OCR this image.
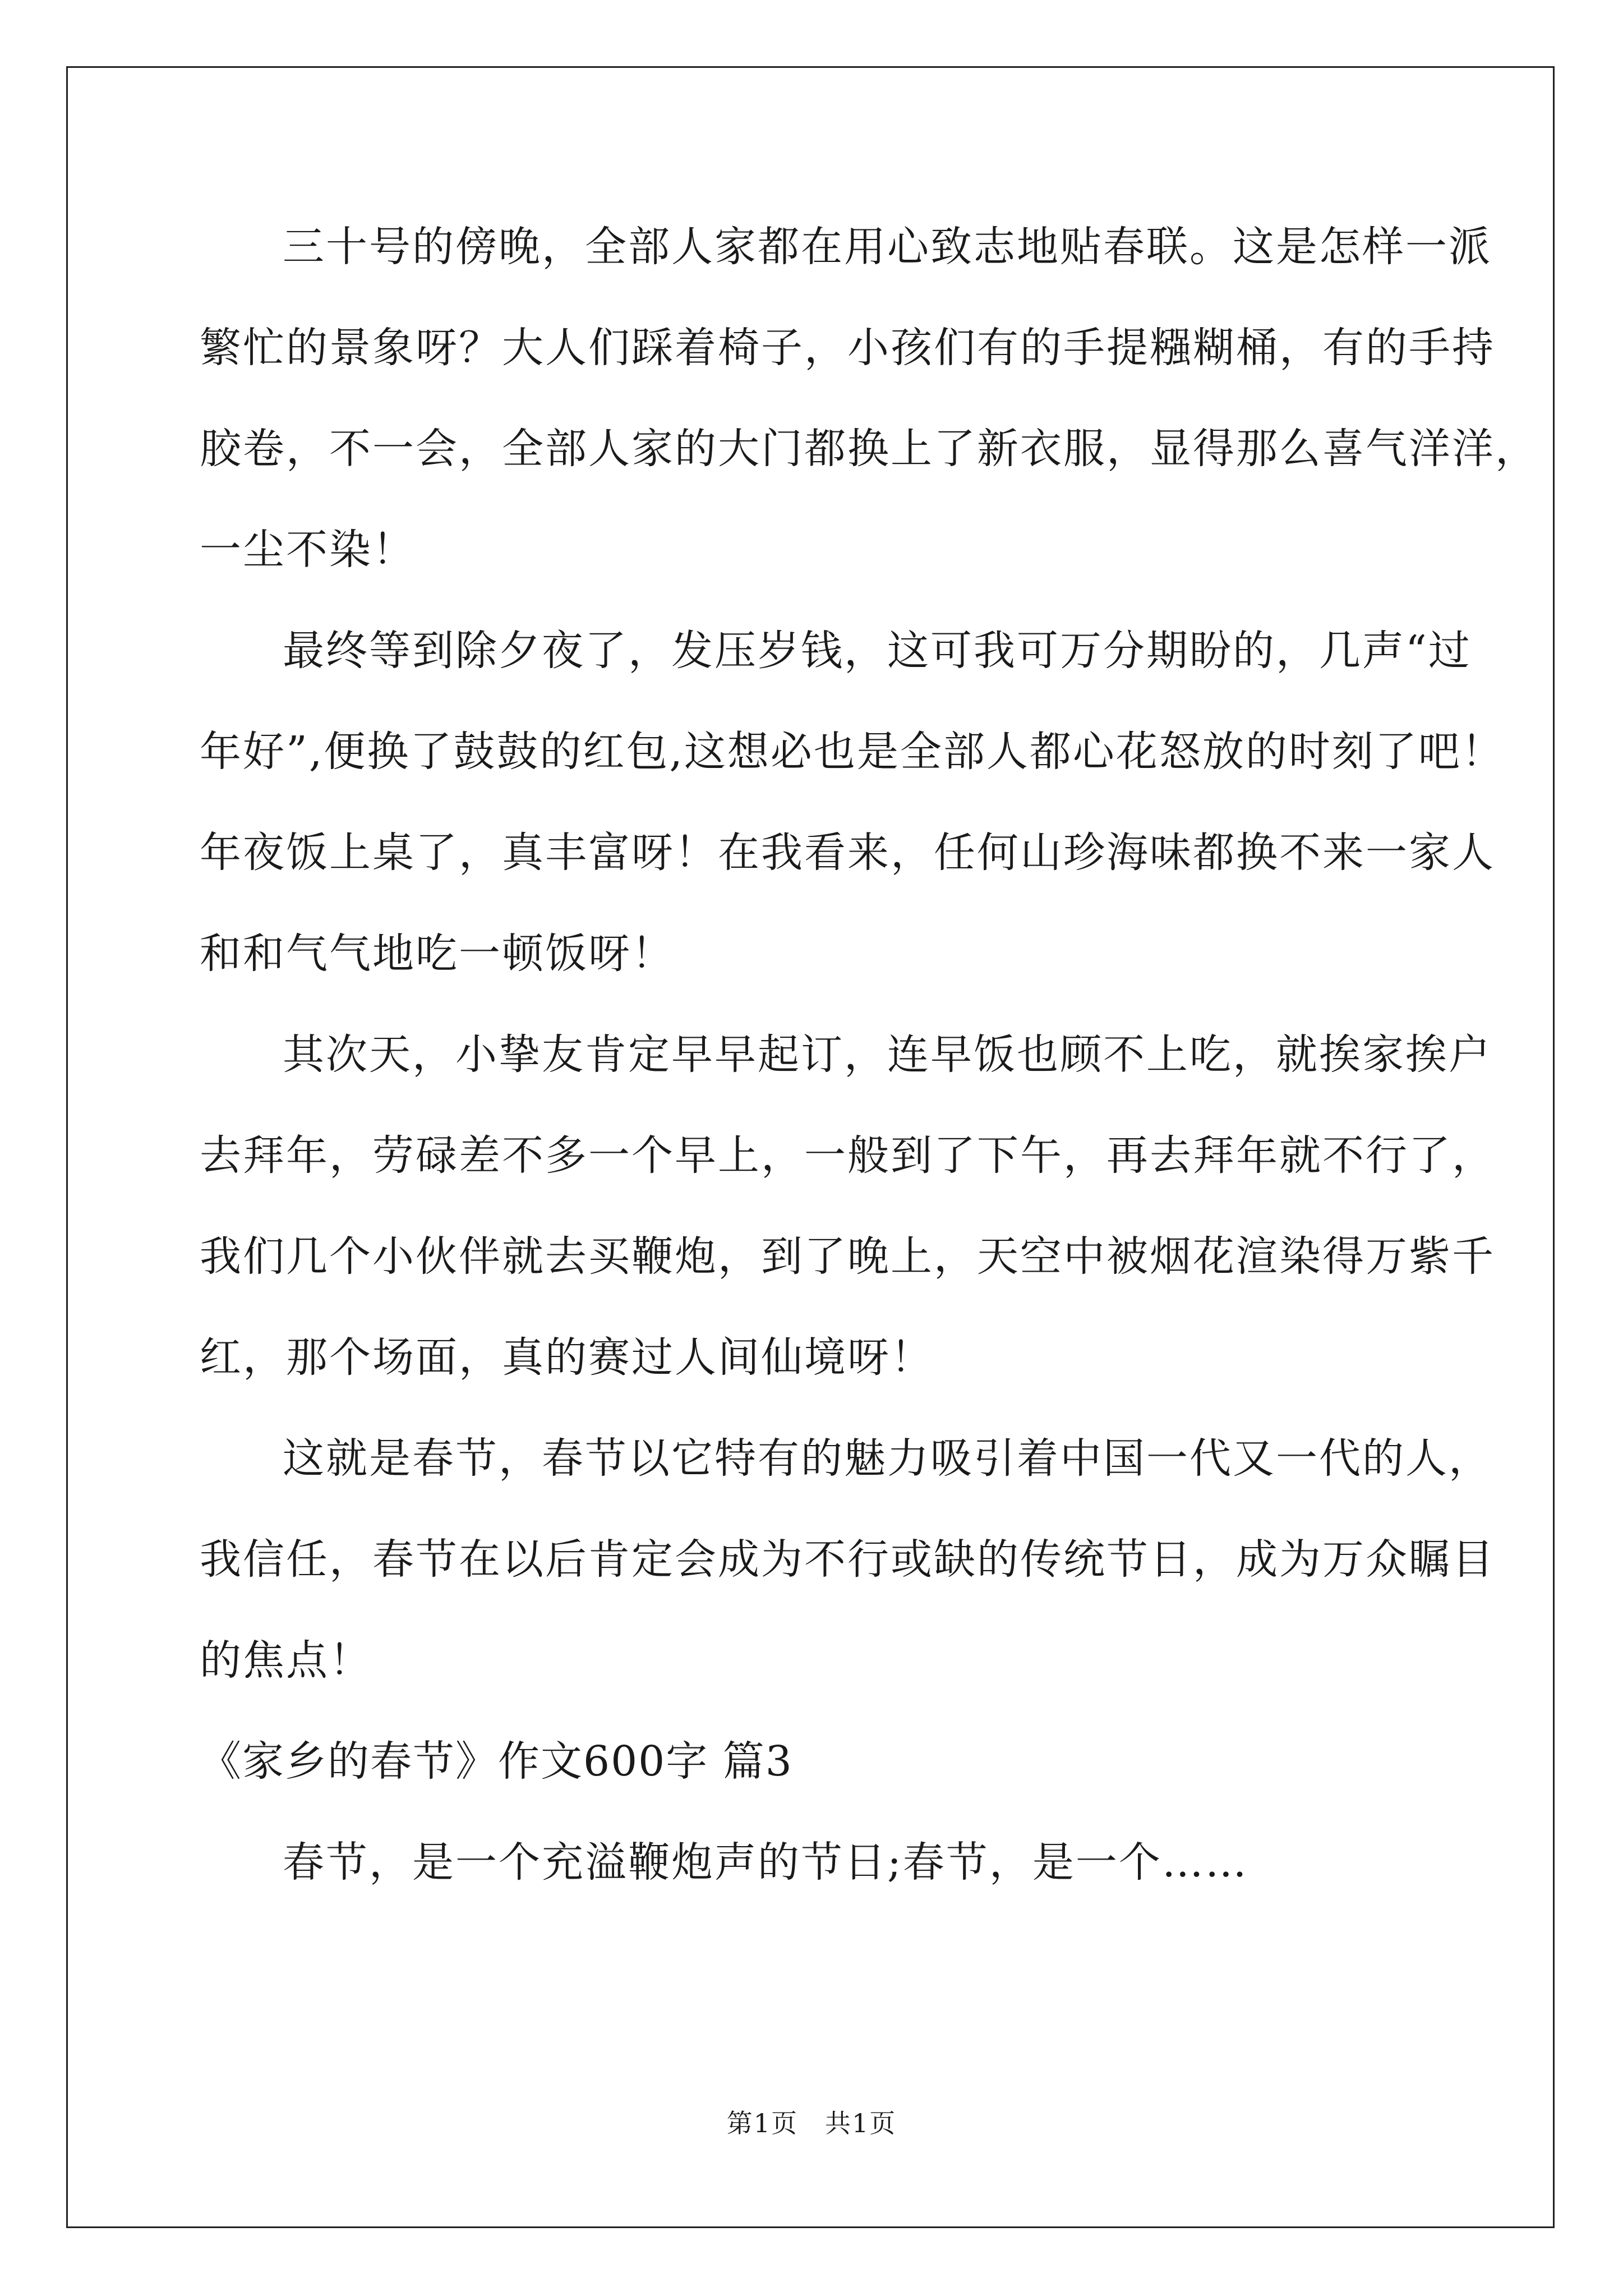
三十号的傍晚，全部人家都在用心致志地贴春联。这是怎样一派
繁忙的景象呀？大人们踩着椅子，小孩们有的手提糨糊桶，有的手持
胶卷，不一会，全部人家的大门都换上了新衣服，显得那么喜气洋洋，
一尘不染！
最终等到除夕夜了，发压岁钱，这可我可万分期盼的，几声“过
年好”,便换了鼓鼓的红包,这想必也是全部人都心花怒放的时刻了吧！
年夜饭上桌了，真丰富呀！在我看来，任何山珍海味都换不来一家人
和和气气地吃一顿饭呀！
其次天，小挚友肯定早早起订，连早饭也顾不上吃，就挨家挨户
去拜年，劳碌差不多一个早上，一般到了下午，再去拜年就不行了，
我们几个小伙伴就去买鞭炮，到了晚上，天空中被烟花渲染得万紫千
红，那个场面，真的赛过人间仙境呀！
这就是春节，春节以它特有的魅力吸引着中国一代又一代的人，
我信任，春节在以后肯定会成为不行或缺的传统节日，成为万众瞩目
的焦点！
《家乡的春节》作文600字 篇3
春节，是一个充溢鞭炮声的节日;春节，是一个……
第1页 共1页
